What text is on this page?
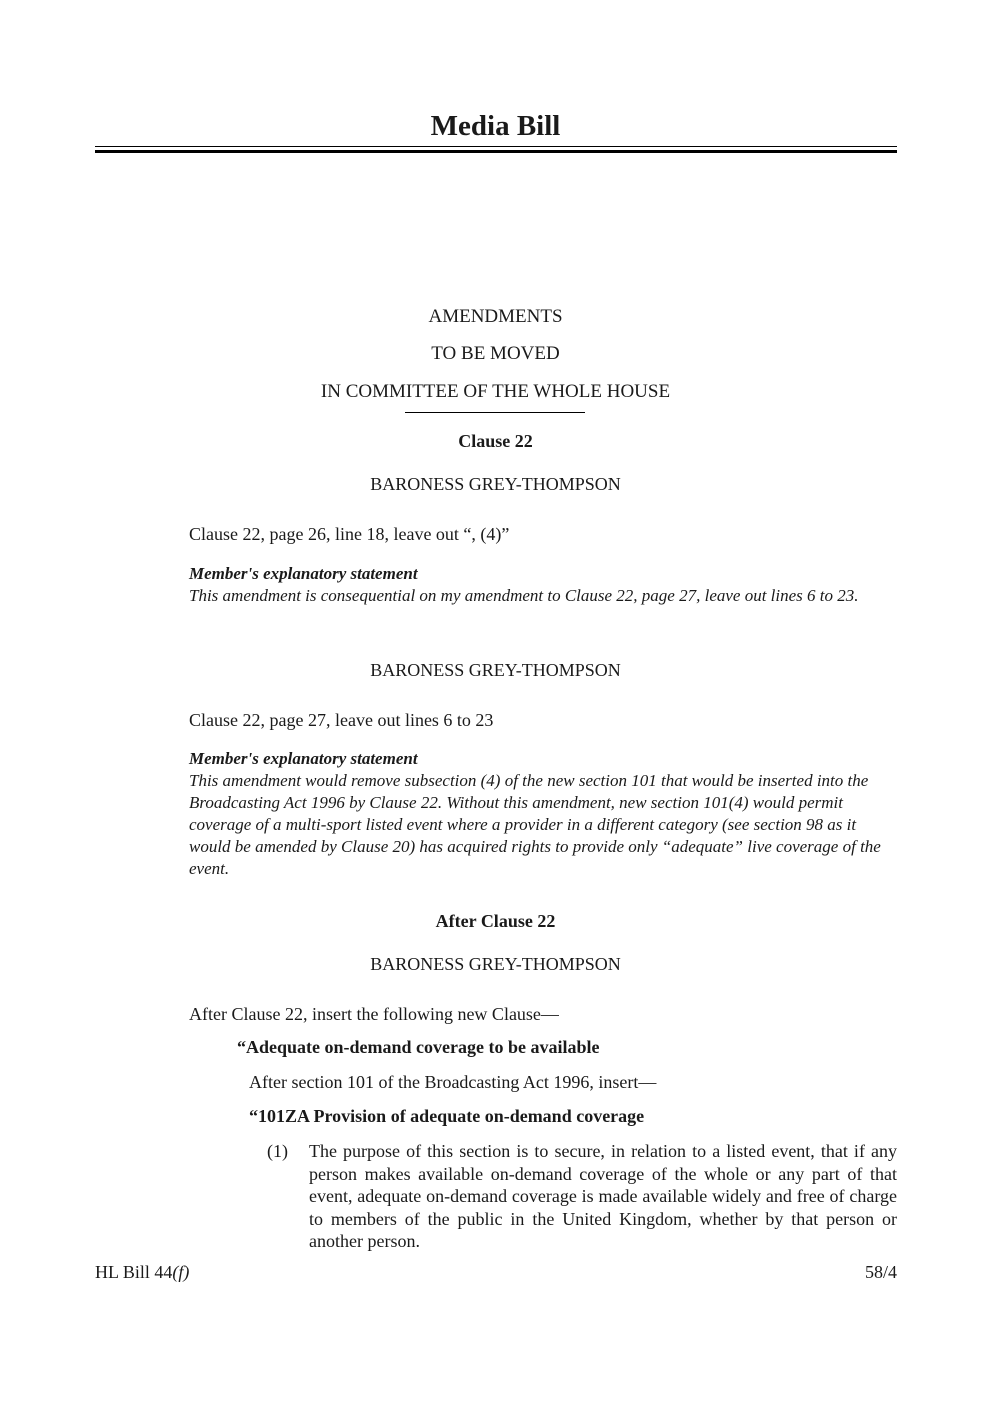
Media Bill
AMENDMENTS
TO BE MOVED
IN COMMITTEE OF THE WHOLE HOUSE
Clause 22
BARONESS GREY-THOMPSON
Clause 22, page 26, line 18, leave out “, (4)”
Member's explanatory statement
This amendment is consequential on my amendment to Clause 22, page 27, leave out lines 6 to 23.
BARONESS GREY-THOMPSON
Clause 22, page 27, leave out lines 6 to 23
Member's explanatory statement
This amendment would remove subsection (4) of the new section 101 that would be inserted into the Broadcasting Act 1996 by Clause 22. Without this amendment, new section 101(4) would permit coverage of a multi-sport listed event where a provider in a different category (see section 98 as it would be amended by Clause 20) has acquired rights to provide only “adequate” live coverage of the event.
After Clause 22
BARONESS GREY-THOMPSON
After Clause 22, insert the following new Clause—
“Adequate on-demand coverage to be available
After section 101 of the Broadcasting Act 1996, insert—
“101ZA Provision of adequate on-demand coverage
(1) The purpose of this section is to secure, in relation to a listed event, that if any person makes available on-demand coverage of the whole or any part of that event, adequate on-demand coverage is made available widely and free of charge to members of the public in the United Kingdom, whether by that person or another person.
HL Bill 44(f)	58/4
